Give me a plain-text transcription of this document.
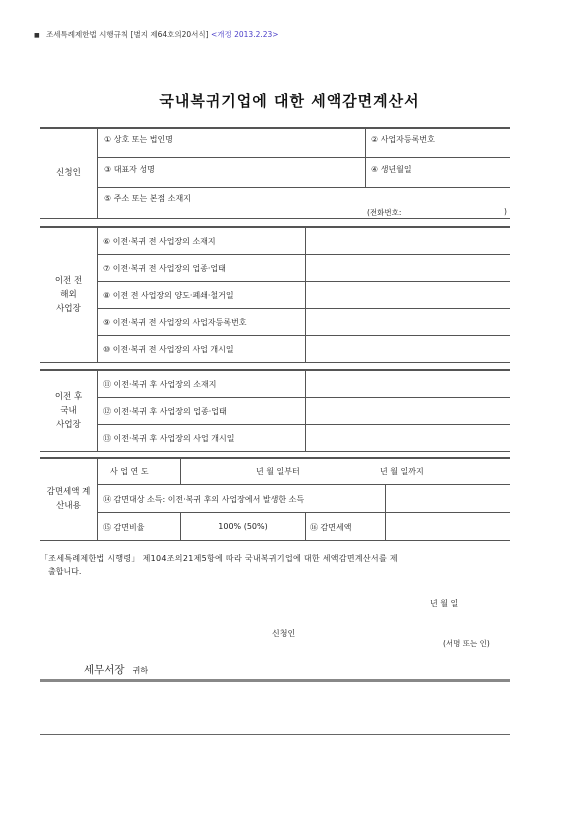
■ 조세특례제한법 시행규칙 [별지 제64호의20서식] <개정 2013.2.23>
국내복귀기업에 대한 세액감면계산서
신청인
① 상호 또는 법인명	② 사업자등록번호
③ 대표자 성명	④ 생년월일
⑤ 주소 또는 본점 소재지
(전화번호:	)
이전 전
해외
사업장
⑥ 이전·복귀 전 사업장의 소재지
⑦ 이전·복귀 전 사업장의 업종·업태
⑧ 이전 전 사업장의 양도·폐쇄·철거일
⑨ 이전·복귀 전 사업장의 사업자등록번호
⑩ 이전·복귀 전 사업장의 사업 개시일
이전 후
국내
사업장
⑪ 이전·복귀 후 사업장의 소재지
⑫ 이전·복귀 후 사업장의 업종·업태
⑬ 이전·복귀 후 사업장의 사업 개시일
감면세액 계
산내용
사 업 연 도	년 월 일부터	년 월 일까지
⑭ 감면대상 소득: 이전·복귀 후의 사업장에서 발생한 소득
⑮ 감면비율	100% (50%)	⑯ 감면세액
「조세특례제한법 시행령」 제104조의21제5항에 따라 국내복귀기업에 대한 세액감면계산서를 제
출합니다.
년 월 일
신청인
(서명 또는 인)
세무서장 귀하
